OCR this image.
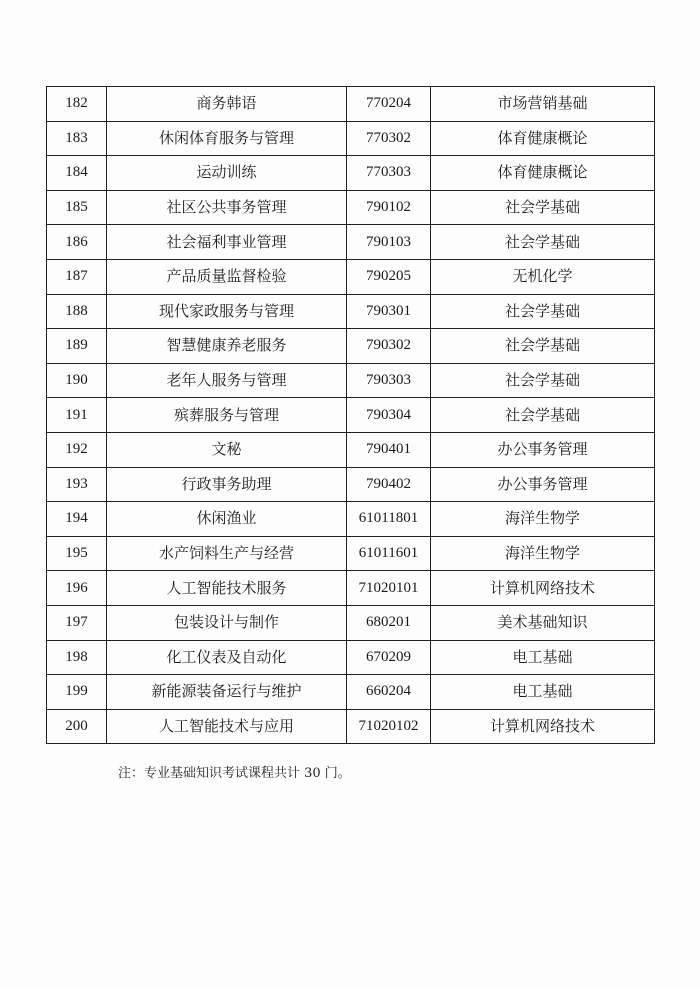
182	商务韩语	770204	市场营销基础
183	休闲体育服务与管理	770302	体育健康概论
184	运动训练	770303	体育健康概论
185	社区公共事务管理	790102	社会学基础
186	社会福利事业管理	790103	社会学基础
187	产品质量监督检验	790205	无机化学
188	现代家政服务与管理	790301	社会学基础
189	智慧健康养老服务	790302	社会学基础
190	老年人服务与管理	790303	社会学基础
191	殡葬服务与管理	790304	社会学基础
192	文秘	790401	办公事务管理
193	行政事务助理	790402	办公事务管理
194	休闲渔业	61011801	海洋生物学
195	水产饲料生产与经营	61011601	海洋生物学
196	人工智能技术服务	71020101	计算机网络技术
197	包装设计与制作	680201	美术基础知识
198	化工仪表及自动化	670209	电工基础
199	新能源装备运行与维护	660204	电工基础
200	人工智能技术与应用	71020102	计算机网络技术
注：专业基础知识考试课程共计 30 门。
